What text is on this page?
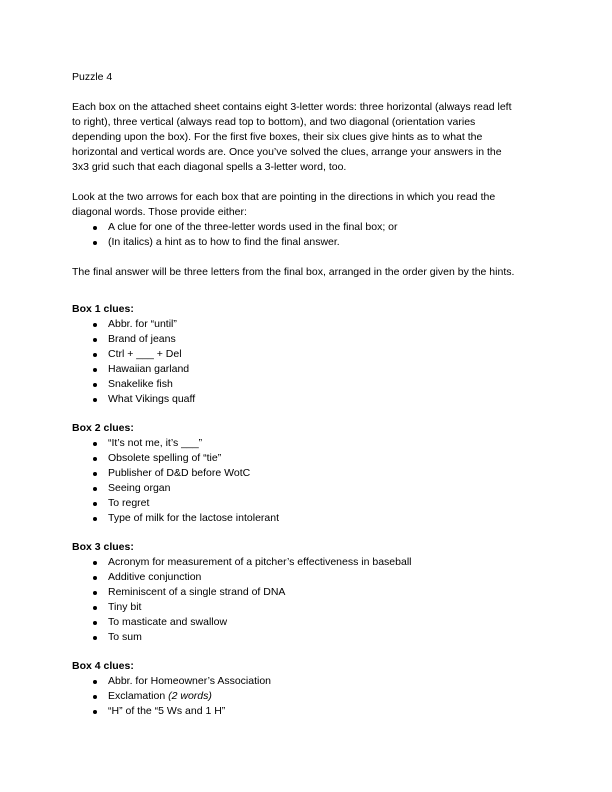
Puzzle 4
Each box on the attached sheet contains eight 3-letter words: three horizontal (always read left
to right), three vertical (always read top to bottom), and two diagonal (orientation varies
depending upon the box). For the first five boxes, their six clues give hints as to what the
horizontal and vertical words are. Once you’ve solved the clues, arrange your answers in the
3x3 grid such that each diagonal spells a 3-letter word, too.
Look at the two arrows for each box that are pointing in the directions in which you read the
diagonal words. Those provide either:
A clue for one of the three-letter words used in the final box; or
(In italics) a hint as to how to find the final answer.
The final answer will be three letters from the final box, arranged in the order given by the hints.
Box 1 clues:
Abbr. for “until”
Brand of jeans
Ctrl + ___ + Del
Hawaiian garland
Snakelike fish
What Vikings quaff
Box 2 clues:
“It’s not me, it’s ___”
Obsolete spelling of “tie”
Publisher of D&D before WotC
Seeing organ
To regret
Type of milk for the lactose intolerant
Box 3 clues:
Acronym for measurement of a pitcher’s effectiveness in baseball
Additive conjunction
Reminiscent of a single strand of DNA
Tiny bit
To masticate and swallow
To sum
Box 4 clues:
Abbr. for Homeowner’s Association
Exclamation (2 words)
“H” of the “5 Ws and 1 H”
